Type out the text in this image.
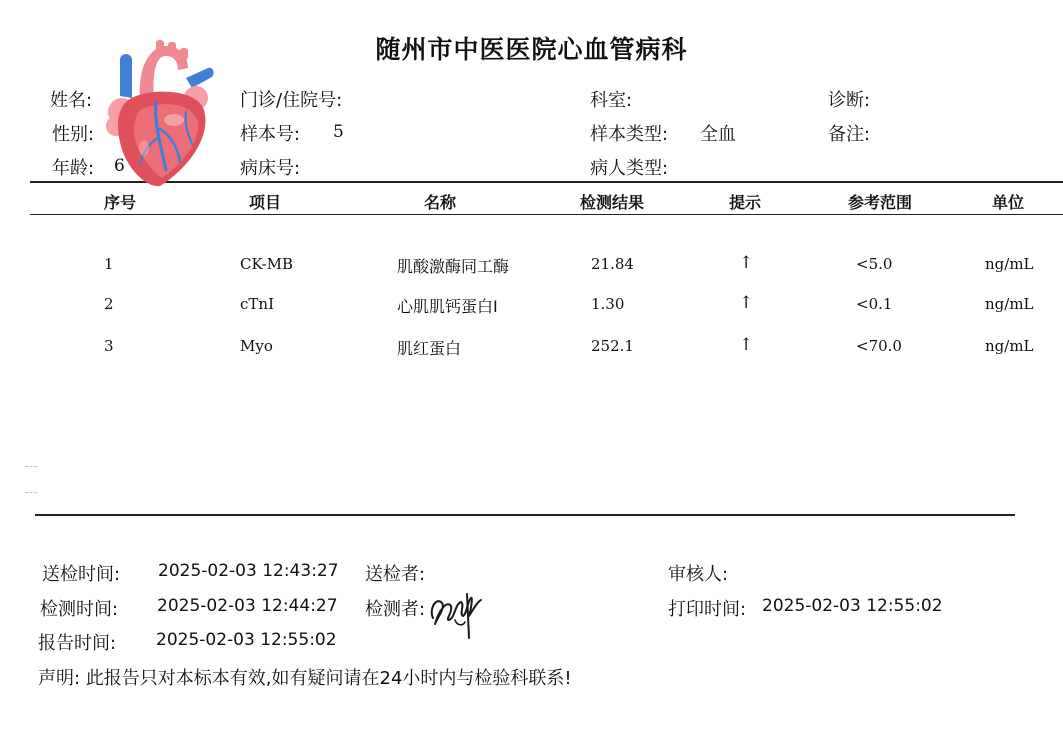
随州市中医医院心血管病科
姓名:
性别:
年龄: 6
门诊/住院号:
样本号: 5
病床号:
科室:
样本类型: 全血
病人类型:
诊断:
备注:
序号	项目	名称	检测结果	提示	参考范围	单位
1	CK-MB	肌酸激酶同工酶	21.84	↑	<5.0	ng/mL
2	cTnI	心肌肌钙蛋白I	1.30	↑	<0.1	ng/mL
3	Myo	肌红蛋白	252.1	↑	<70.0	ng/mL
送检时间: 2025-02-03 12:43:27
检测时间: 2025-02-03 12:44:27
报告时间: 2025-02-03 12:55:02
送检者:
检测者:
审核人:
打印时间: 2025-02-03 12:55:02
声明: 此报告只对本标本有效,如有疑问请在24小时内与检验科联系!
